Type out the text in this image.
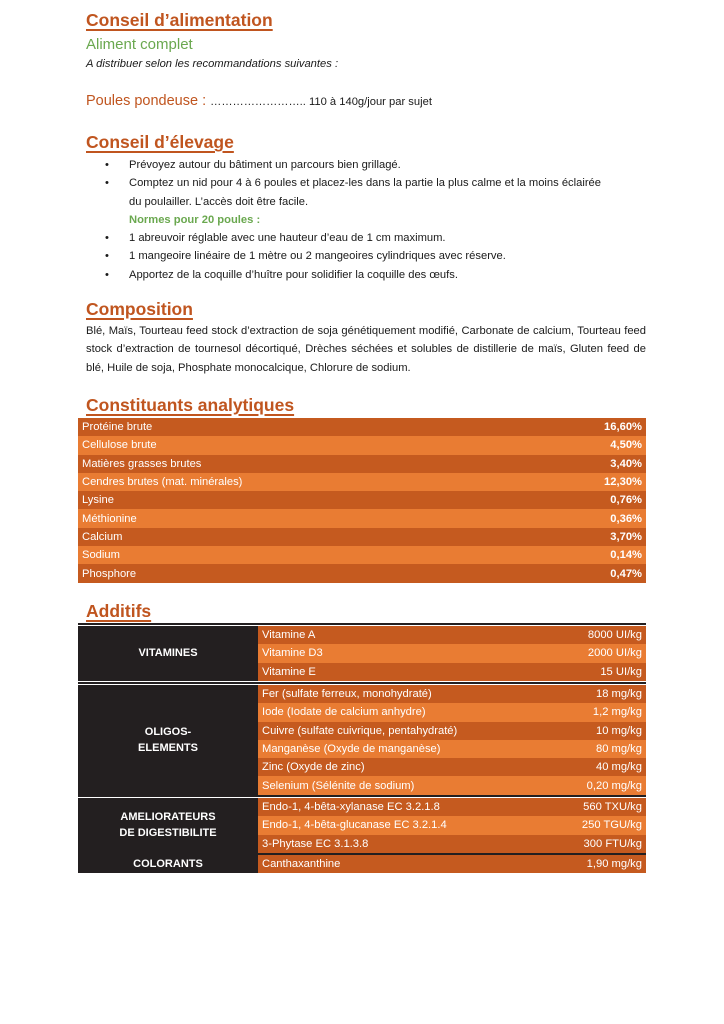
Conseil d’alimentation
Aliment complet
A distribuer selon les recommandations suivantes :
Poules pondeuse : …………………….. 110 à 140g/jour par sujet
Conseil d’élevage
• Prévoyez autour du bâtiment un parcours bien grillagé.
• Comptez un nid pour 4 à 6 poules et placez-les dans la partie la plus calme et la moins éclairée
du poulailler. L’accès doit être facile.
Normes pour 20 poules :
• 1 abreuvoir réglable avec une hauteur d’eau de 1 cm maximum.
• 1 mangeoire linéaire de 1 mètre ou 2 mangeoires cylindriques avec réserve.
• Apportez de la coquille d’huître pour solidifier la coquille des œufs.
Composition
Blé, Maïs, Tourteau feed stock d’extraction de soja génétiquement modifié, Carbonate de calcium, Tourteau feed stock d’extraction de tournesol décortiqué, Drèches séchées et solubles de distillerie de maïs, Gluten feed de blé, Huile de soja, Phosphate monocalcique, Chlorure de sodium.
Constituants analytiques
Protéine brute	16,60%
Cellulose brute	4,50%
Matières grasses brutes	3,40%
Cendres brutes (mat. minérales)	12,30%
Lysine	0,76%
Méthionine	0,36%
Calcium	3,70%
Sodium	0,14%
Phosphore	0,47%
Additifs
VITAMINES
Vitamine A	8000 UI/kg
Vitamine D3	2000 UI/kg
Vitamine E	15 UI/kg
OLIGOS-
ELEMENTS
Fer (sulfate ferreux, monohydraté)	18 mg/kg
Iode (Iodate de calcium anhydre)	1,2 mg/kg
Cuivre (sulfate cuivrique, pentahydraté)	10 mg/kg
Manganèse (Oxyde de manganèse)	80 mg/kg
Zinc (Oxyde de zinc)	40 mg/kg
Selenium (Sélénite de sodium)	0,20 mg/kg
AMELIORATEURS
DE DIGESTIBILITE
Endo-1, 4-bêta-xylanase EC 3.2.1.8	560 TXU/kg
Endo-1, 4-bêta-glucanase EC 3.2.1.4	250 TGU/kg
3-Phytase EC 3.1.3.8	300 FTU/kg
COLORANTS	Canthaxanthine	1,90 mg/kg
